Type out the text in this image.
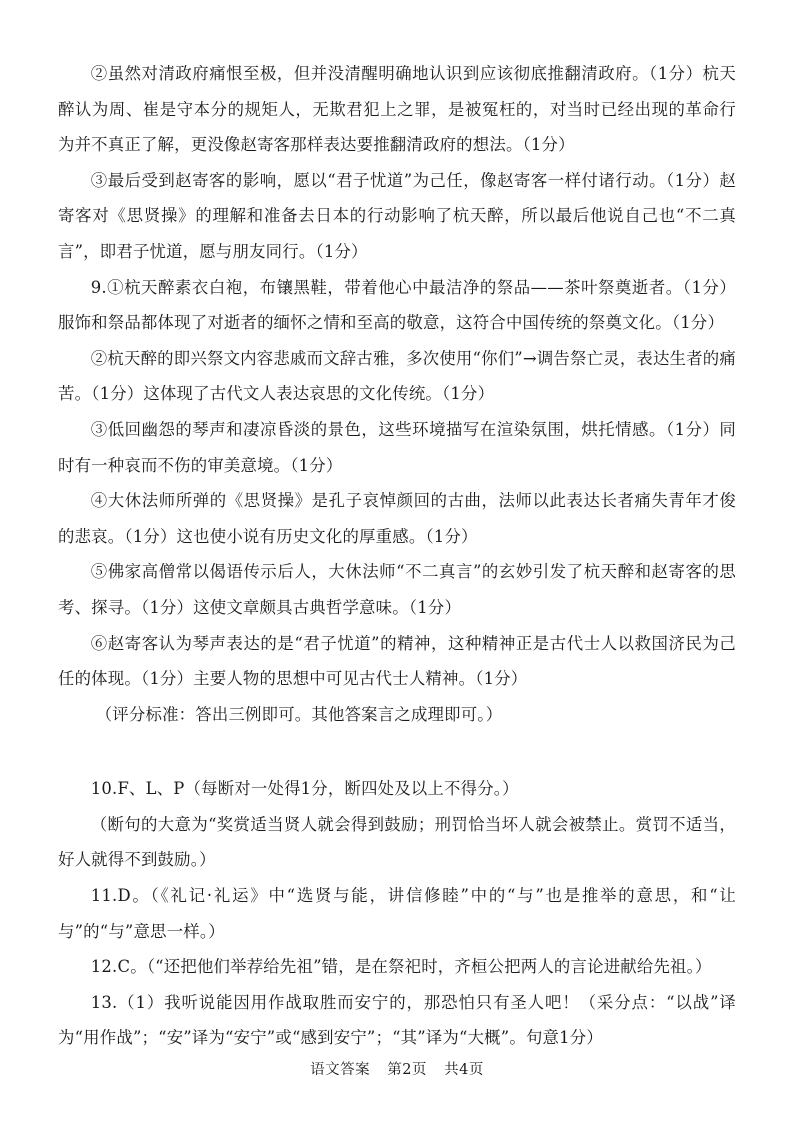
②虽然对清政府痛恨至极，但并没清醒明确地认识到应该彻底推翻清政府。（1分）杭天醉认为周、崔是守本分的规矩人，无欺君犯上之罪，是被冤枉的，对当时已经出现的革命行为并不真正了解，更没像赵寄客那样表达要推翻清政府的想法。（1分）

③最后受到赵寄客的影响，愿以“君子忧道”为己任，像赵寄客一样付诸行动。（1分）赵寄客对《思贤操》的理解和准备去日本的行动影响了杭天醉，所以最后他说自己也“不二真言”，即君子忧道，愿与朋友同行。（1分）

9.①杭天醉素衣白袍，布镶黑鞋，带着他心中最洁净的祭品——茶叶祭奠逝者。（1分）服饰和祭品都体现了对逝者的缅怀之情和至高的敬意，这符合中国传统的祭奠文化。（1分）

②杭天醉的即兴祭文内容悲戚而文辞古雅，多次使用“你们”→调告祭亡灵，表达生者的痛苦。（1分）这体现了古代文人表达哀思的文化传统。（1分）

③低回幽怨的琴声和凄凉昏淡的景色，这些环境描写在渲染氛围，烘托情感。（1分）同时有一种哀而不伤的审美意境。（1分）

④大休法师所弹的《思贤操》是孔子哀悼颜回的古曲，法师以此表达长者痛失青年才俊的悲哀。（1分）这也使小说有历史文化的厚重感。（1分）

⑤佛家高僧常以偈语传示后人，大休法师“不二真言”的玄妙引发了杭天醉和赵寄客的思考、探寻。（1分）这使文章颇具古典哲学意味。（1分）

⑥赵寄客认为琴声表达的是“君子忧道”的精神，这种精神正是古代士人以救国济民为己任的体现。（1分）主要人物的思想中可见古代士人精神。（1分）

（评分标准：答出三例即可。其他答案言之成理即可。）

10.F、L、P（每断对一处得1分，断四处及以上不得分。）

（断句的大意为“奖赏适当贤人就会得到鼓励；刑罚恰当坏人就会被禁止。赏罚不适当，好人就得不到鼓励。）

11.D。（《礼记·礼运》中“选贤与能，讲信修睦”中的“与”也是推举的意思，和“让与”的“与”意思一样。）

12.C。（“还把他们举荐给先祖”错，是在祭祀时，齐桓公把两人的言论进献给先祖。）

13.（1）我听说能因用作战取胜而安宁的，那恐怕只有圣人吧！（采分点：“以战”译为“用作战”；“安”译为“安宁”或“感到安宁”；“其”译为“大概”。句意1分）

语文答案 第2页 共4页
